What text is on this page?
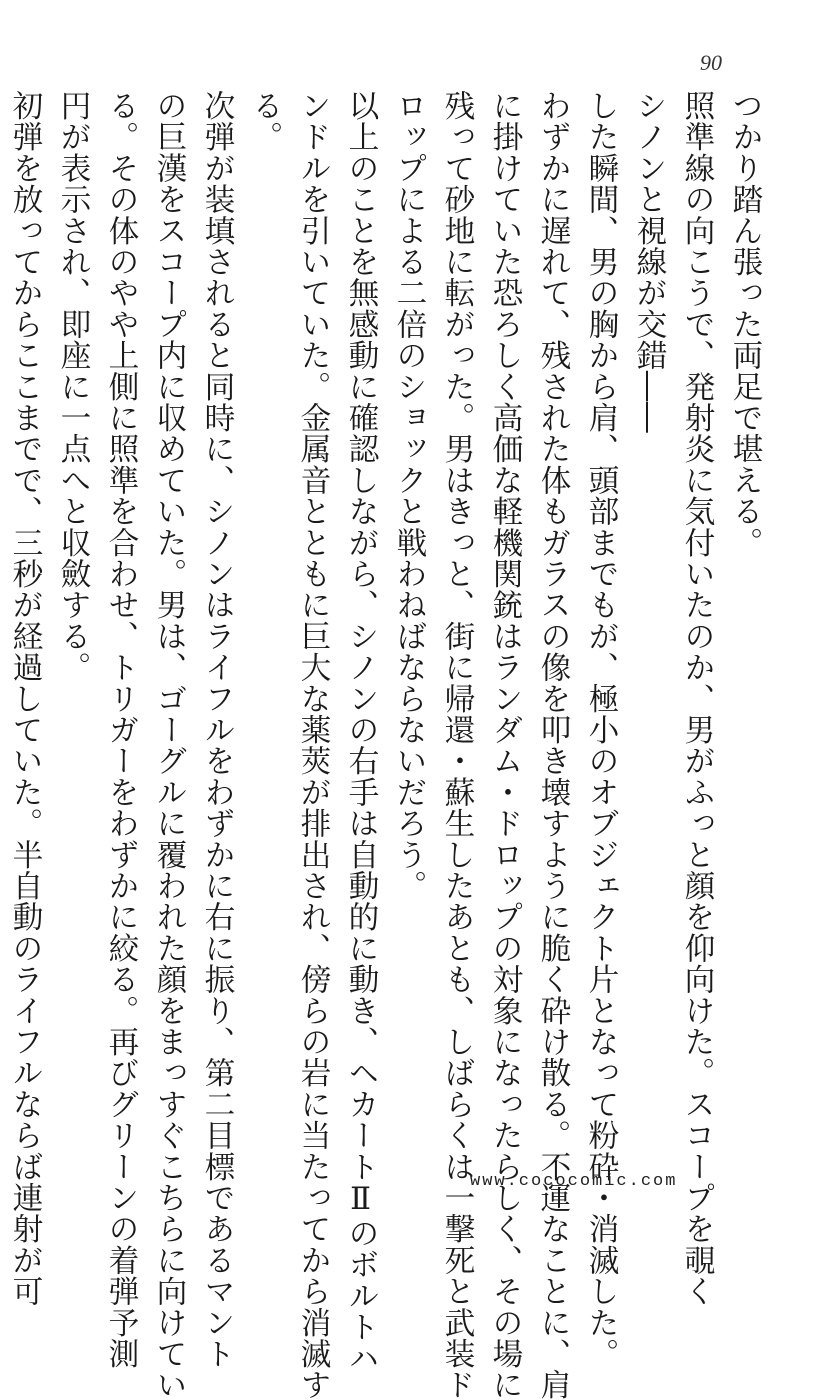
90
つかり踏ん張った両足で堪える。
照準線の向こうで、発射炎に気付いたのか、男がふっと顔を仰向けた。スコープを覗く
シノンと視線が交錯――
した瞬間、男の胸から肩、頭部までもが、極小のオブジェクト片となって粉砕・消滅した。
わずかに遅れて、残された体もガラスの像を叩き壊すように脆く砕け散る。不運なことに、肩
に掛けていた恐ろしく高価な軽機関銃はランダム・ドロップの対象になったらしく、その場に
残って砂地に転がった。男はきっと、街に帰還・蘇生したあとも、しばらくは一撃死と武装ド
ロップによる二倍のショックと戦わねばならないだろう。
以上のことを無感動に確認しながら、シノンの右手は自動的に動き、ヘカートⅡのボルトハ
ンドルを引いていた。金属音とともに巨大な薬莢が排出され、傍らの岩に当たってから消滅す
る。
次弾が装填されると同時に、シノンはライフルをわずかに右に振り、第二目標であるマント
の巨漢をスコープ内に収めていた。男は、ゴーグルに覆われた顔をまっすぐこちらに向けてい
る。その体のやや上側に照準を合わせ、トリガーをわずかに絞る。再びグリーンの着弾予測
円が表示され、即座に一点へと収斂する。
初弾を放ってからここまでで、三秒が経過していた。半自動のライフルならば連射が可	www.cococomic.com
